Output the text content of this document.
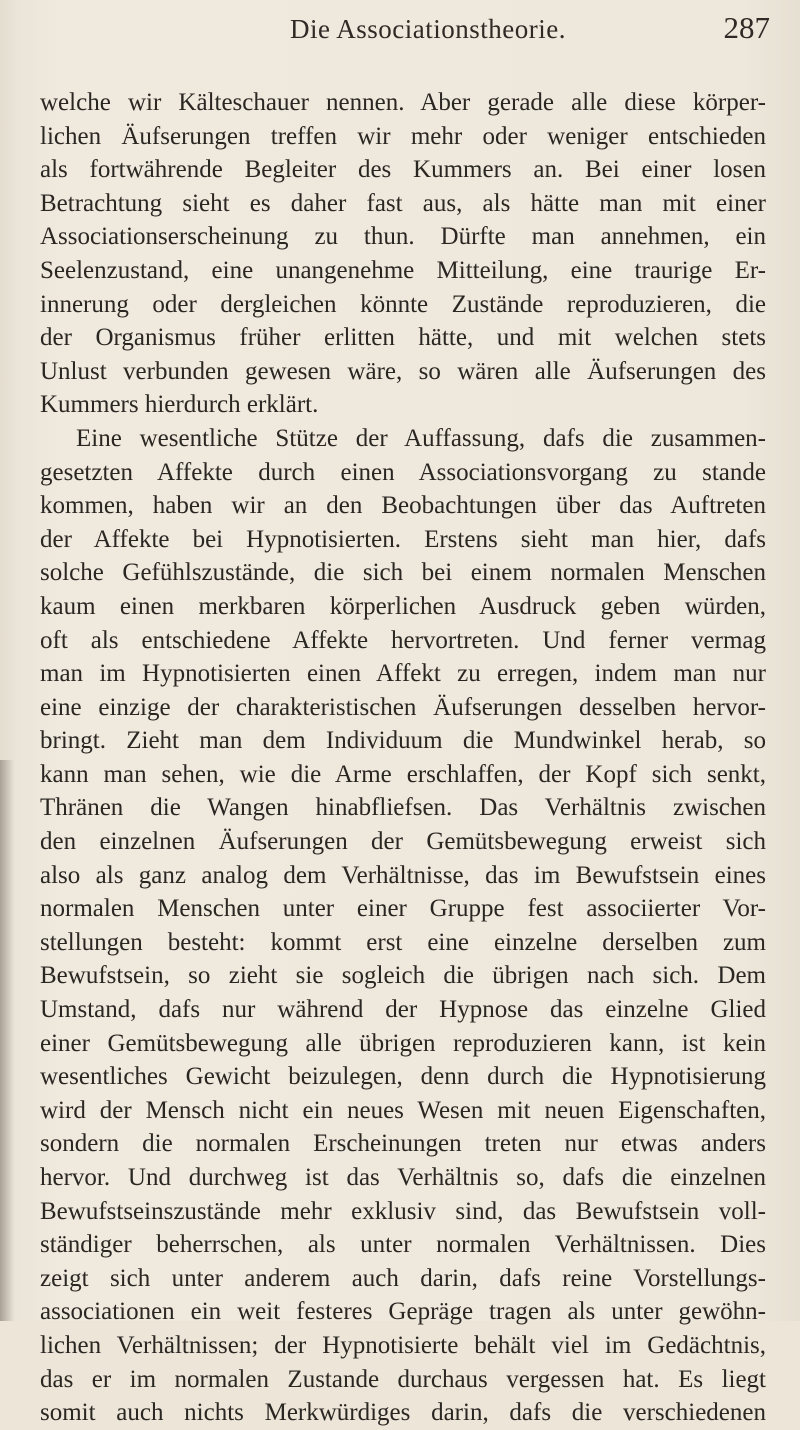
Die Associationstheorie.	287
welche wir Kälteschauer nennen. Aber gerade alle diese körper-
lichen Äufserungen treffen wir mehr oder weniger entschieden
als fortwährende Begleiter des Kummers an. Bei einer losen
Betrachtung sieht es daher fast aus, als hätte man mit einer
Associationserscheinung zu thun. Dürfte man annehmen, ein
Seelenzustand, eine unangenehme Mitteilung, eine traurige Er-
innerung oder dergleichen könnte Zustände reproduzieren, die
der Organismus früher erlitten hätte, und mit welchen stets
Unlust verbunden gewesen wäre, so wären alle Äufserungen des
Kummers hierdurch erklärt.
Eine wesentliche Stütze der Auffassung, dafs die zusammen-
gesetzten Affekte durch einen Associationsvorgang zu stande
kommen, haben wir an den Beobachtungen über das Auftreten
der Affekte bei Hypnotisierten. Erstens sieht man hier, dafs
solche Gefühlszustände, die sich bei einem normalen Menschen
kaum einen merkbaren körperlichen Ausdruck geben würden,
oft als entschiedene Affekte hervortreten. Und ferner vermag
man im Hypnotisierten einen Affekt zu erregen, indem man nur
eine einzige der charakteristischen Äufserungen desselben hervor-
bringt. Zieht man dem Individuum die Mundwinkel herab, so
kann man sehen, wie die Arme erschlaffen, der Kopf sich senkt,
Thränen die Wangen hinabfliefsen. Das Verhältnis zwischen
den einzelnen Äufserungen der Gemütsbewegung erweist sich
also als ganz analog dem Verhältnisse, das im Bewufstsein eines
normalen Menschen unter einer Gruppe fest associierter Vor-
stellungen besteht: kommt erst eine einzelne derselben zum
Bewufstsein, so zieht sie sogleich die übrigen nach sich. Dem
Umstand, dafs nur während der Hypnose das einzelne Glied
einer Gemütsbewegung alle übrigen reproduzieren kann, ist kein
wesentliches Gewicht beizulegen, denn durch die Hypnotisierung
wird der Mensch nicht ein neues Wesen mit neuen Eigenschaften,
sondern die normalen Erscheinungen treten nur etwas anders
hervor. Und durchweg ist das Verhältnis so, dafs die einzelnen
Bewufstseinszustände mehr exklusiv sind, das Bewufstsein voll-
ständiger beherrschen, als unter normalen Verhältnissen. Dies
zeigt sich unter anderem auch darin, dafs reine Vorstellungs-
associationen ein weit festeres Gepräge tragen als unter gewöhn-
lichen Verhältnissen; der Hypnotisierte behält viel im Gedächtnis,
das er im normalen Zustande durchaus vergessen hat. Es liegt
somit auch nichts Merkwürdiges darin, dafs die verschiedenen
